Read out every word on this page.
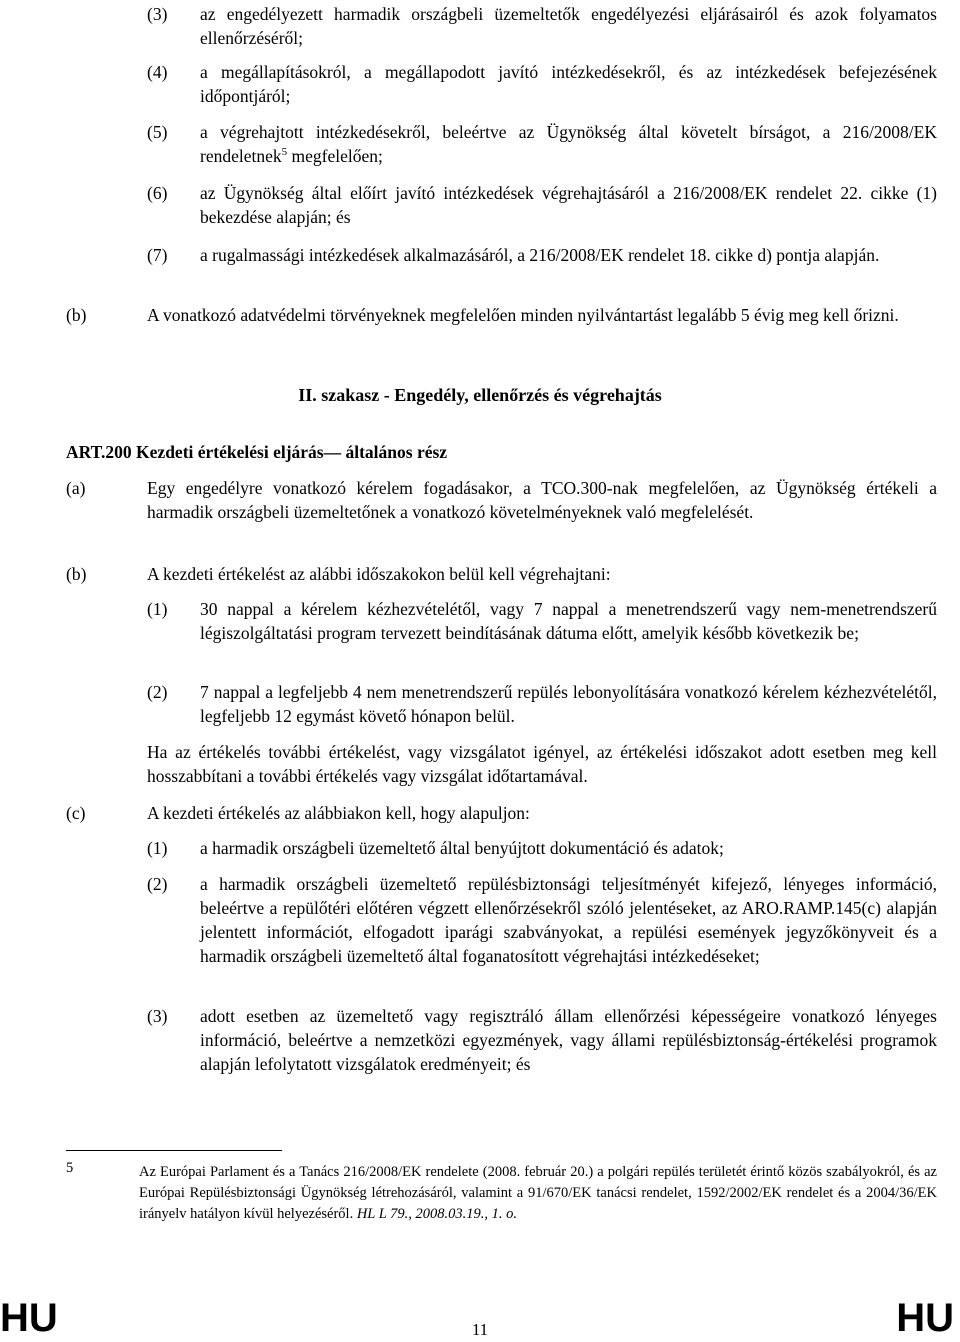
(3) az engedélyezett harmadik országbeli üzemeltetők engedélyezési eljárásairól és azok folyamatos ellenőrzéséről;
(4) a megállapításokról, a megállapodott javító intézkedésekről, és az intézkedések befejezésének időpontjáról;
(5) a végrehajtott intézkedésekről, beleértve az Ügynökség által követelt bírságot, a 216/2008/EK rendeletnek$^5$ megfelelően;
(6) az Ügynökség által előírt javító intézkedések végrehajtásáról a 216/2008/EK rendelet 22. cikke (1) bekezdése alapján; és
(7) a rugalmassági intézkedések alkalmazásáról, a 216/2008/EK rendelet 18. cikke d) pontja alapján.
(b)	A vonatkozó adatvédelmi törvényeknek megfelelően minden nyilvántartást legalább 5 évig meg kell őrizni.
II. szakasz - Engedély, ellenőrzés és végrehajtás
ART.200 Kezdeti értékelési eljárás— általános rész
(a)	Egy engedélyre vonatkozó kérelem fogadásakor, a TCO.300-nak megfelelően, az Ügynökség értékeli a harmadik országbeli üzemeltetőnek a vonatkozó követelményeknek való megfelelését.
(b)	A kezdeti értékelést az alábbi időszakokon belül kell végrehajtani:
(1) 30 nappal a kérelem kézhezvételétől, vagy 7 nappal a menetrendszerű vagy nem-menetrendszerű légiszolgáltatási program tervezett beindításának dátuma előtt, amelyik később következik be;
(2) 7 nappal a legfeljebb 4 nem menetrendszerű repülés lebonyolítására vonatkozó kérelem kézhezvételétől, legfeljebb 12 egymást követő hónapon belül.
Ha az értékelés további értékelést, vagy vizsgálatot igényel, az értékelési időszakot adott esetben meg kell hosszabbítani a további értékelés vagy vizsgálat időtartamával.
(c)	A kezdeti értékelés az alábbiakon kell, hogy alapuljon:
(1) a harmadik országbeli üzemeltető által benyújtott dokumentáció és adatok;
(2) a harmadik országbeli üzemeltető repülésbiztonsági teljesítményét kifejező, lényeges információ, beleértve a repülőtéri előtéren végzett ellenőrzésekről szóló jelentéseket, az ARO.RAMP.145(c) alapján jelentett információt, elfogadott iparági szabványokat, a repülési események jegyzőkönyveit és a harmadik országbeli üzemeltető által foganatosított végrehajtási intézkedéseket;
(3) adott esetben az üzemeltető vagy regisztráló állam ellenőrzési képességeire vonatkozó lényeges információ, beleértve a nemzetközi egyezmények, vagy állami repülésbiztonság-értékelési programok alapján lefolytatott vizsgálatok eredményeit; és
5	Az Európai Parlament és a Tanács 216/2008/EK rendelete (2008. február 20.) a polgári repülés területét érintő közös szabályokról, és az Európai Repülésbiztonsági Ügynökség létrehozásáról, valamint a 91/670/EK tanácsi rendelet, 1592/2002/EK rendelet és a 2004/36/EK irányelv hatályon kívül helyezéséről. HL L 79., 2008.03.19., 1. o.
HU	11	HU
